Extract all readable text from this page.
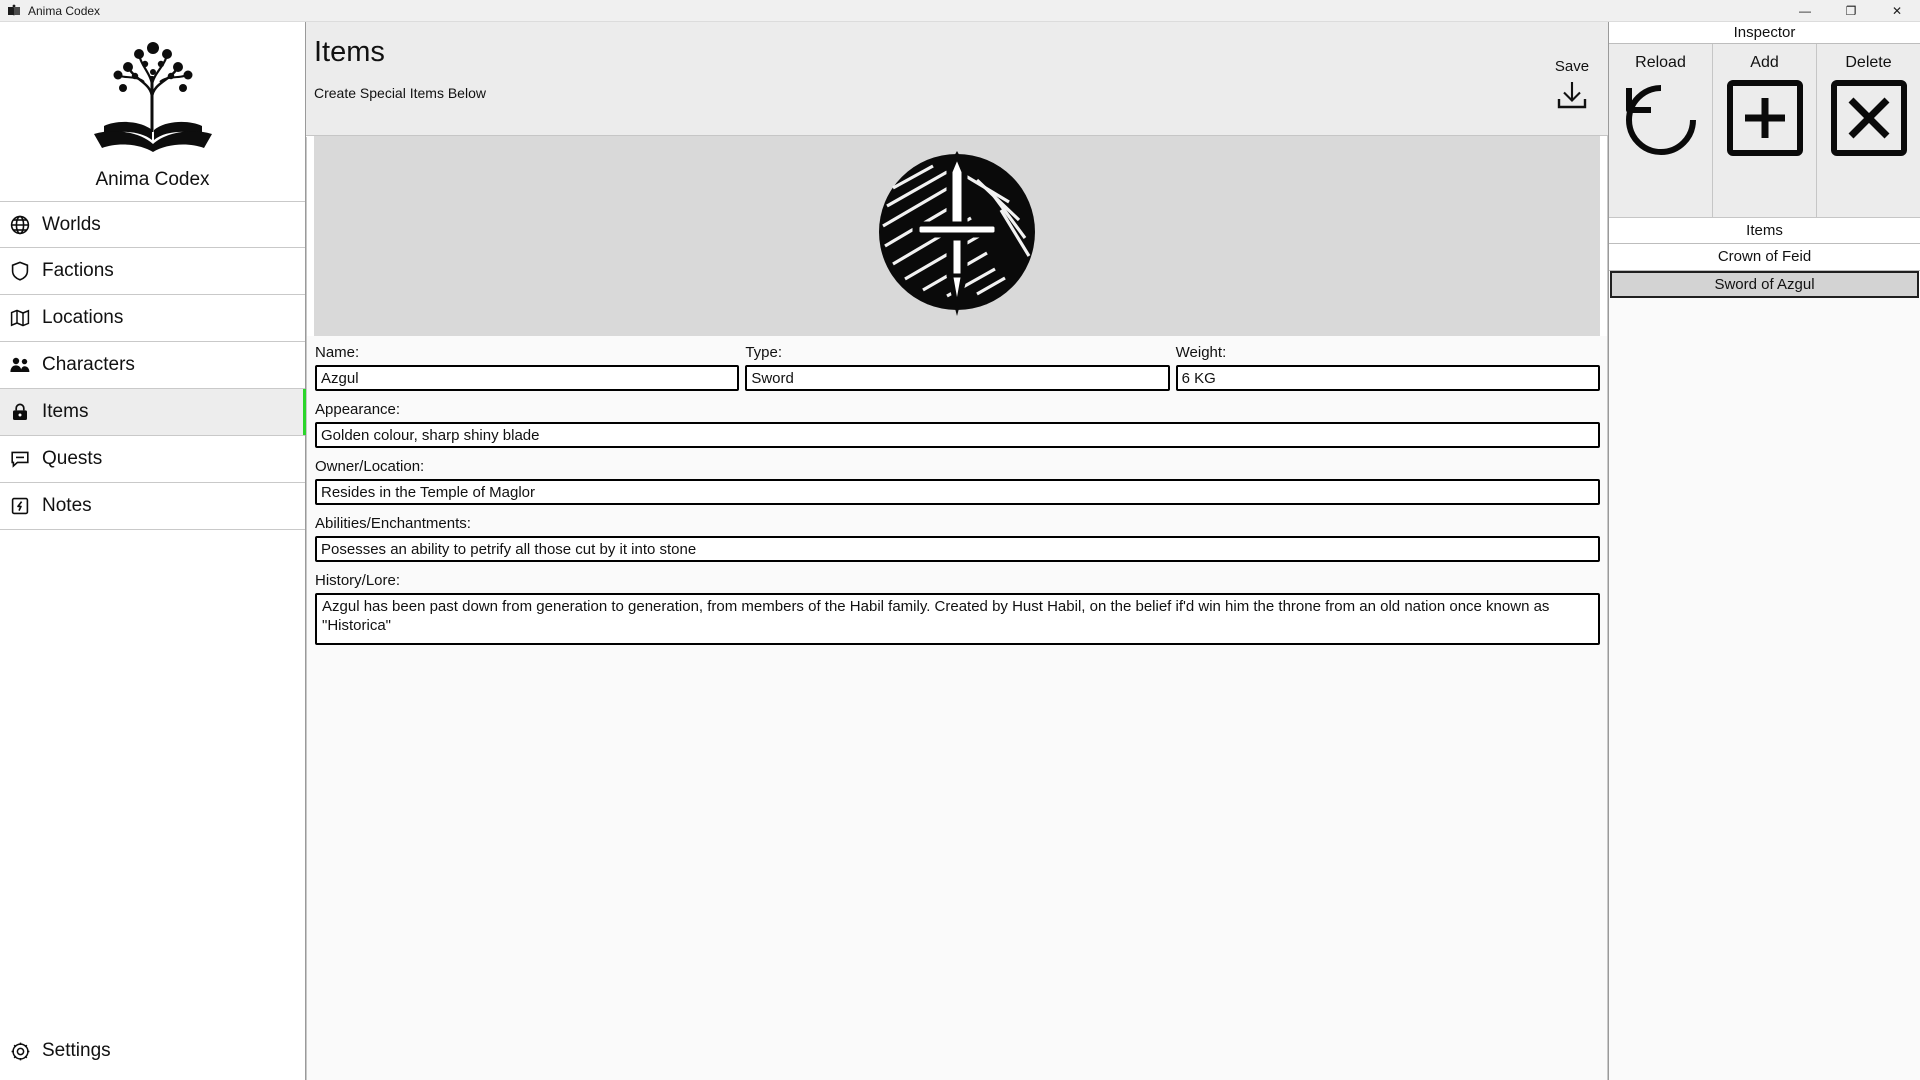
Anima Codex	—	❐	✕
Anima Codex
Worlds
Factions
Locations
Characters
Items
Quests
Notes
Settings
Items
Create Special Items Below
Save
Name:
Azgul	Type:
Sword	Weight:
6 KG
Appearance:
Golden colour, sharp shiny blade
Owner/Location:
Resides in the Temple of Maglor
Abilities/Enchantments:
Posesses an ability to petrify all those cut by it into stone
History/Lore:
Azgul has been past down from generation to generation, from members of the Habil family. Created by Hust Habil, on the belief if'd win him the throne from an old nation once known as "Historica"
Inspector
Reload	Add	Delete
Items
Crown of Feid
Sword of Azgul
